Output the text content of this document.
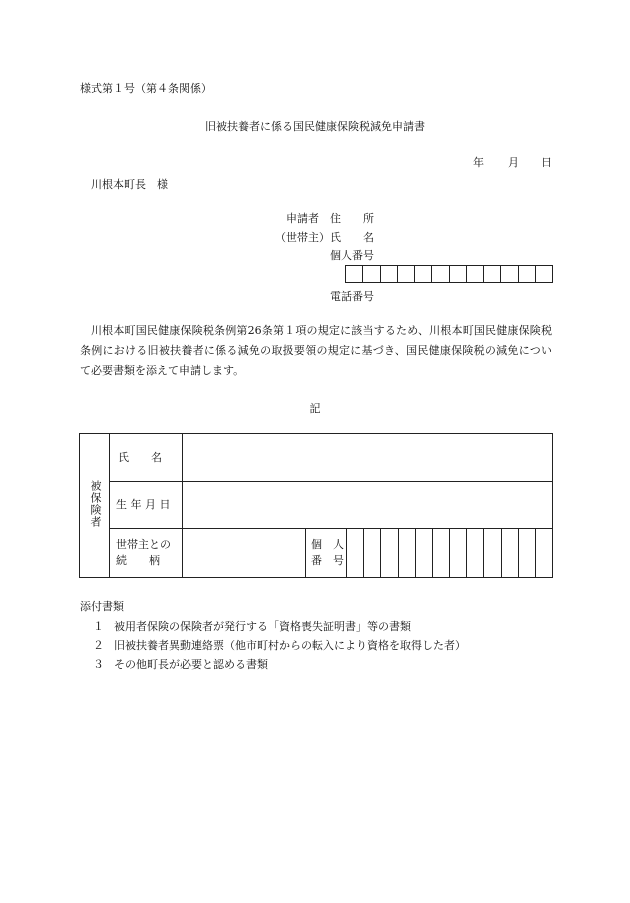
様式第１号（第４条関係）
旧被扶養者に係る国民健康保険税減免申請書
年 月 日
川根本町長　様
申請者 住　　所
（世帯主） 氏　　名
個人番号
電話番号
川根本町国民健康保険税条例第26条第１項の規定に該当するため、川根本町国民健康保険税条例における旧被扶養者に係る減免の取扱要領の規定に基づき、国民健康保険税の減免について必要書類を添えて申請します。
記
被保険者
氏　　名
生 年 月 日
世帯主との
続　　柄
個　人
番　号
添付書類
１ 被用者保険の保険者が発行する「資格喪失証明書」等の書類
２ 旧被扶養者異動連絡票（他市町村からの転入により資格を取得した者）
３ その他町長が必要と認める書類
